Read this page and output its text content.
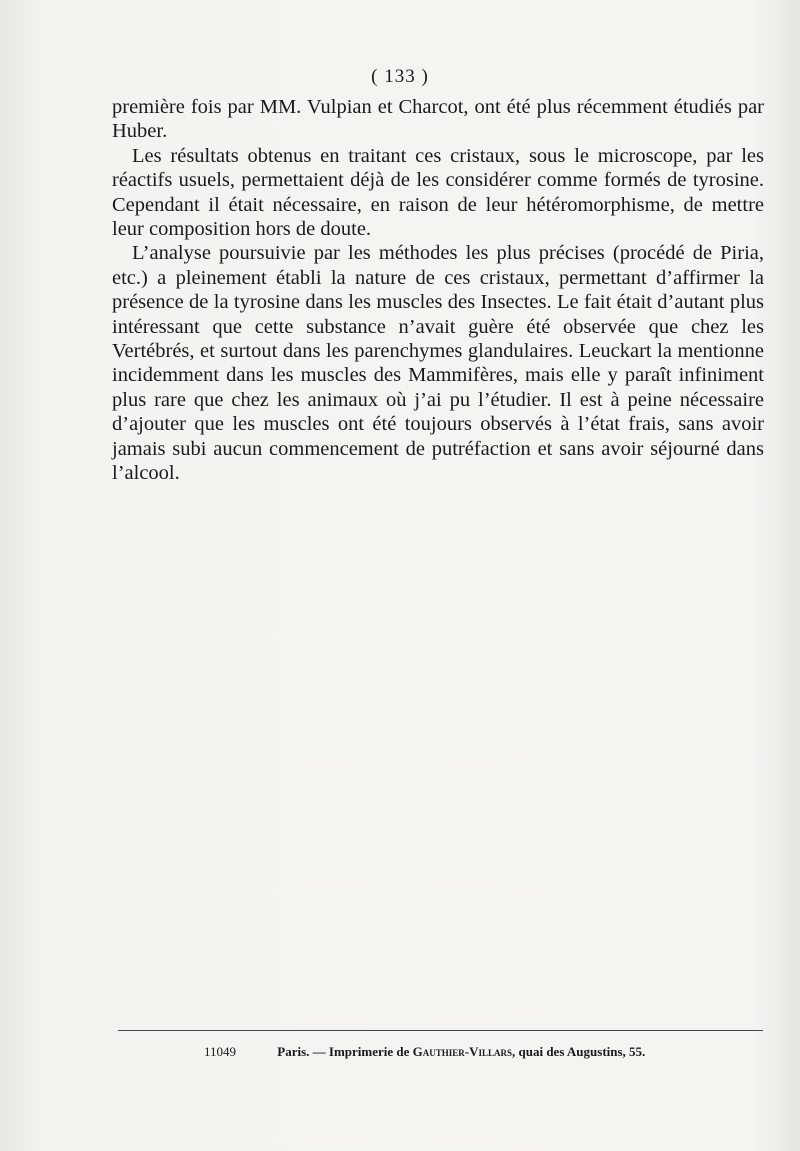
( 133 )

première fois par MM. Vulpian et Charcot, ont été plus récemment étudiés par Huber.

Les résultats obtenus en traitant ces cristaux, sous le microscope, par les réactifs usuels, permettaient déjà de les considérer comme formés de tyrosine. Cependant il était nécessaire, en raison de leur hétéromorphisme, de mettre leur composition hors de doute.

L’analyse poursuivie par les méthodes les plus précises (procédé de Piria, etc.) a pleinement établi la nature de ces cristaux, permettant d’affirmer la présence de la tyrosine dans les muscles des Insectes. Le fait était d’autant plus intéressant que cette substance n’avait guère été observée que chez les Vertébrés, et surtout dans les parenchymes glandulaires. Leuckart la mentionne incidemment dans les muscles des Mammifères, mais elle y paraît infiniment plus rare que chez les animaux où j’ai pu l’étudier. Il est à peine nécessaire d’ajouter que les muscles ont été toujours observés à l’état frais, sans avoir jamais subi aucun commencement de putréfaction et sans avoir séjourné dans l’alcool.

11049	Paris. — Imprimerie de Gauthier-Villars, quai des Augustins, 55.
